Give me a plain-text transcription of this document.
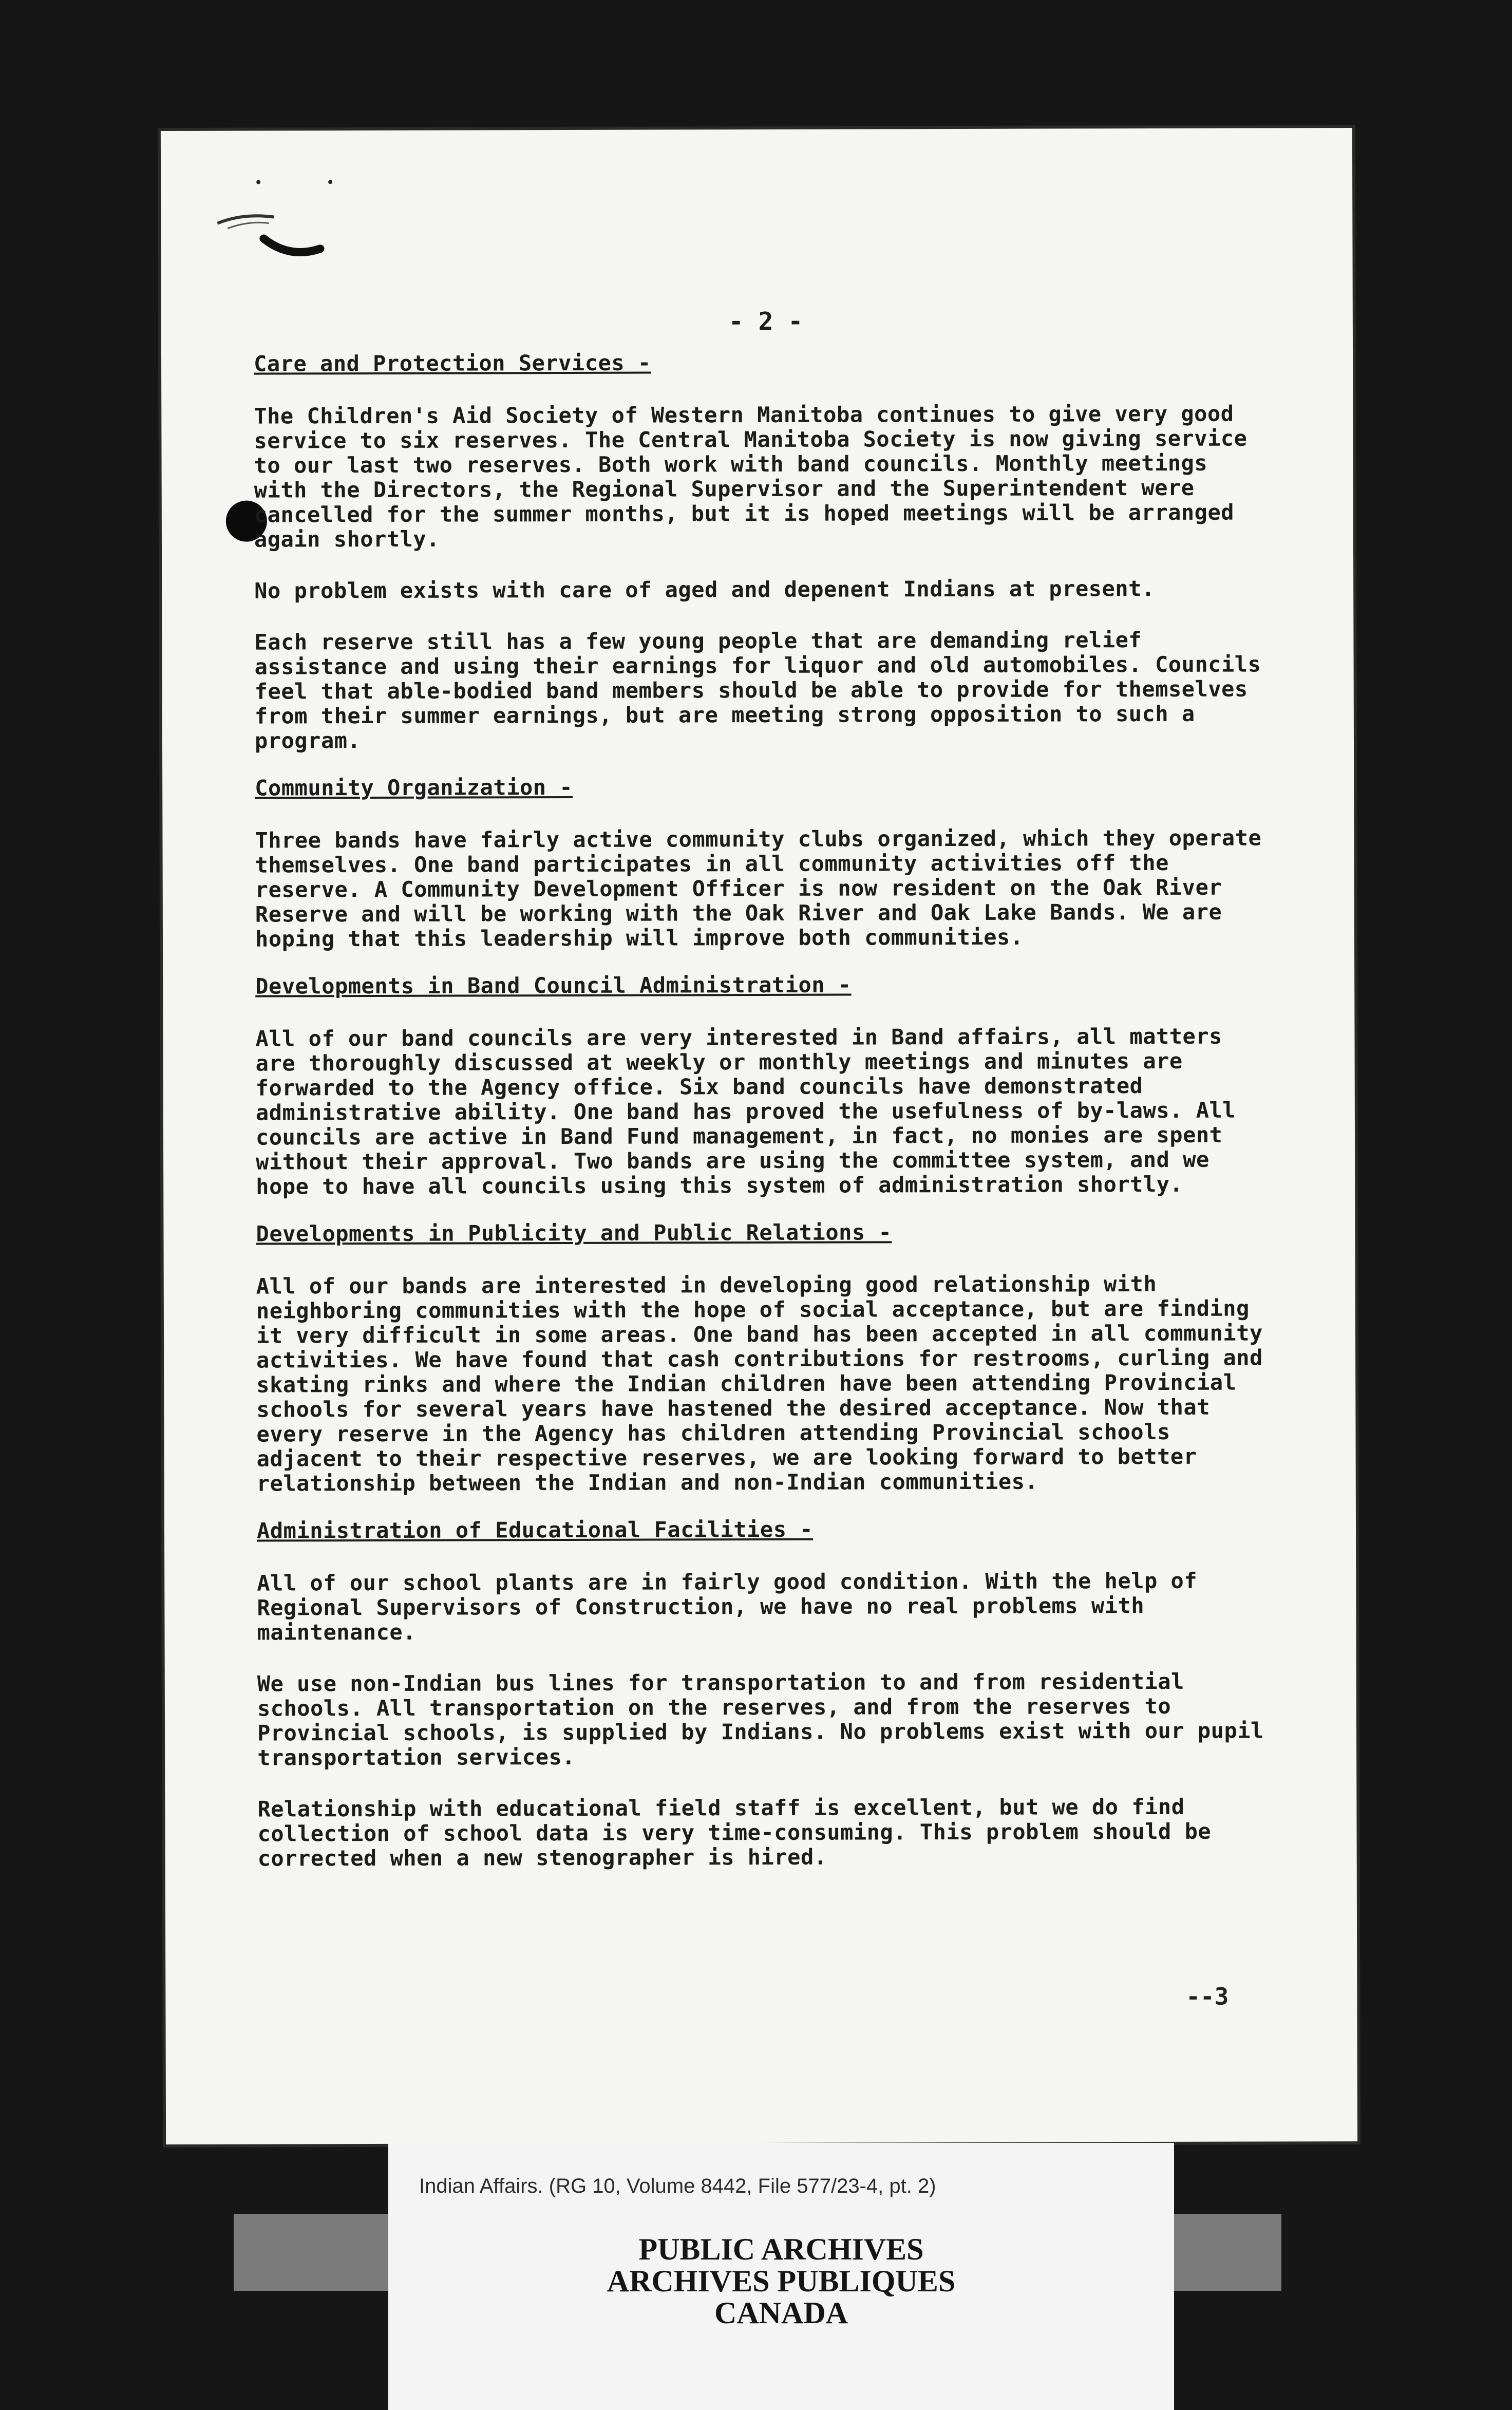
- 2 -
Care and Protection Services -

The Children's Aid Society of Western Manitoba continues to give very good service to six reserves. The Central Manitoba Society is now giving service to our last two reserves. Both work with band councils. Monthly meetings with the Directors, the Regional Supervisor and the Superintendent were cancelled for the summer months, but it is hoped meetings will be arranged again shortly.

No problem exists with care of aged and depenent Indians at present.

Each reserve still has a few young people that are demanding relief assistance and using their earnings for liquor and old automobiles. Councils feel that able-bodied band members should be able to provide for themselves from their summer earnings, but are meeting strong opposition to such a program.

Community Organization -

Three bands have fairly active community clubs organized, which they operate themselves. One band participates in all community activities off the reserve. A Community Development Officer is now resident on the Oak River Reserve and will be working with the Oak River and Oak Lake Bands. We are hoping that this leadership will improve both communities.

Developments in Band Council Administration -

All of our band councils are very interested in Band affairs, all matters are thoroughly discussed at weekly or monthly meetings and minutes are forwarded to the Agency office. Six band councils have demonstrated administrative ability. One band has proved the usefulness of by-laws. All councils are active in Band Fund management, in fact, no monies are spent without their approval. Two bands are using the committee system, and we hope to have all councils using this system of administration shortly.

Developments in Publicity and Public Relations -

All of our bands are interested in developing good relationship with neighboring communities with the hope of social acceptance, but are finding it very difficult in some areas. One band has been accepted in all community activities. We have found that cash contributions for restrooms, curling and skating rinks and where the Indian children have been attending Provincial schools for several years have hastened the desired acceptance. Now that every reserve in the Agency has children attending Provincial schools adjacent to their respective reserves, we are looking forward to better relationship between the Indian and non-Indian communities.

Administration of Educational Facilities -

All of our school plants are in fairly good condition. With the help of Regional Supervisors of Construction, we have no real problems with maintenance.

We use non-Indian bus lines for transportation to and from residential schools. All transportation on the reserves, and from the reserves to Provincial schools, is supplied by Indians. No problems exist with our pupil transportation services.

Relationship with educational field staff is excellent, but we do find collection of school data is very time-consuming. This problem should be corrected when a new stenographer is hired.

--3
Indian Affairs. (RG 10, Volume 8442, File 577/23-4, pt. 2)
PUBLIC ARCHIVES
ARCHIVES PUBLIQUES
CANADA
